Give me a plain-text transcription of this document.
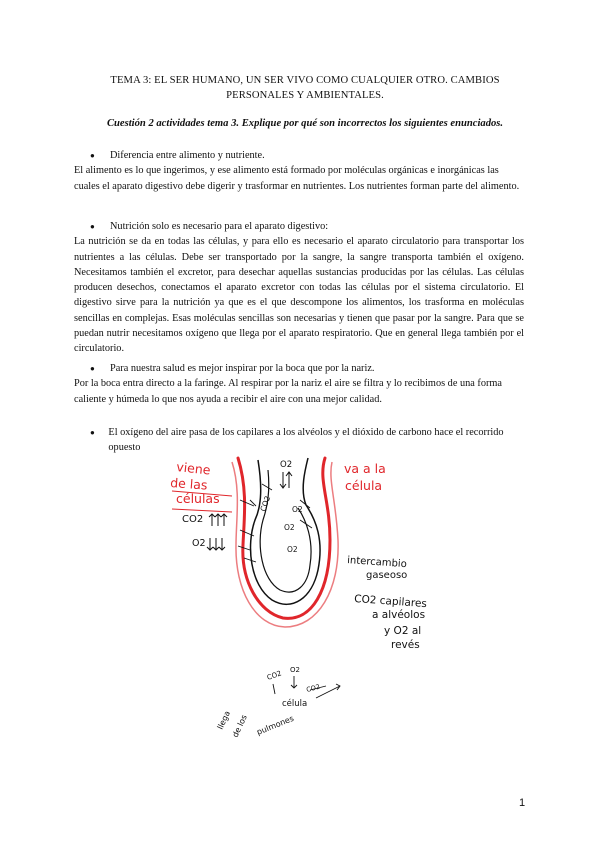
TEMA 3: EL SER HUMANO, UN SER VIVO COMO CUALQUIER OTRO. CAMBIOS
PERSONALES Y AMBIENTALES.
Cuestión 2 actividades tema 3. Explique por qué son incorrectos los siguientes enunciados.
●	Diferencia entre alimento y nutriente.
El alimento es lo que ingerimos, y ese alimento está formado por moléculas orgánicas e inorgánicas las cuales el aparato digestivo debe digerir y trasformar en nutrientes. Los nutrientes forman parte del alimento.
●	Nutrición solo es necesario para el aparato digestivo:
La nutrición se da en todas las células, y para ello es necesario el aparato circulatorio para transportar los nutrientes a las células. Debe ser transportado por la sangre, la sangre transporta también el oxígeno. Necesitamos también el excretor, para desechar aquellas sustancias producidas por las células. Las células producen desechos, conectamos el aparato excretor con todas las células por el sistema circulatorio. El digestivo sirve para la nutrición ya que es el que descompone los alimentos, los trasforma en moléculas sencillas en complejas. Esas moléculas sencillas son necesarias y tienen que pasar por la sangre. Para que se puedan nutrir necesitamos oxígeno que llega por el aparato respiratorio. Que en general llega también por el circulatorio.
●	Para nuestra salud es mejor inspirar por la boca que por la nariz.
Por la boca entra directo a la faringe. Al respirar por la nariz el aire se filtra y lo recibimos de una forma caliente y húmeda lo que nos ayuda a recibir el aire con una mejor calidad.
●	El oxígeno del aire pasa de los capilares a los alvéolos y el dióxido de carbono hace el recorrido opuesto
viene
de las
células
va a la
célula
O2
CO2
O2
CO2	O2
O2
O2
intercambio
gaseoso
CO2 capilares
a alvéolos
y O2 al
revés
llega
de los pulmones
célula
CO2 O2
CO2
1
